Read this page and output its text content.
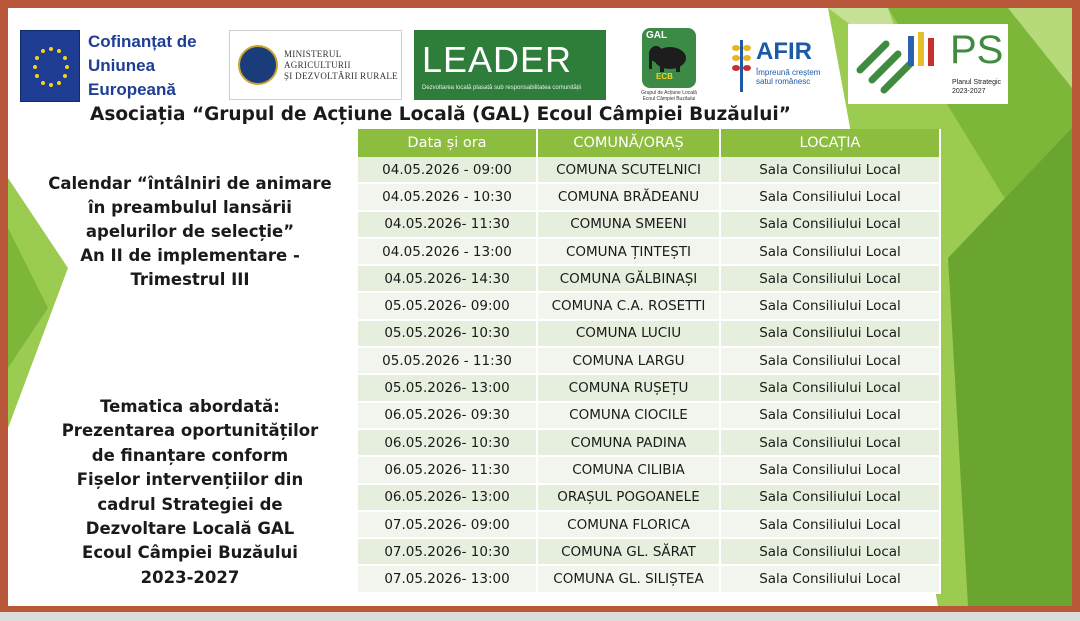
Cofinanțat de
Uniunea Europeană
MINISTERUL AGRICULTURII
ȘI DEZVOLTĂRII RURALE LEADER
Dezvoltarea locală plasată sub responsabilitatea comunității
GAL
ECB
Grupul de Acțiune Locală Ecoul Câmpiei Buzăului
AFIR
Împreună creștem
satul românesc
PS
Planul Strategic
2023-2027
Asociația “Grupul de Acțiune Locală (GAL) Ecoul Câmpiei Buzăului”
Calendar “întâlniri de animare
în preambulul lansării
apelurilor de selecție”
An II de implementare -
Trimestrul III
Tematica abordată:
Prezentarea oportunităților
de finanțare conform
Fișelor intervențiilor din
cadrul Strategiei de
Dezvoltare Locală GAL
Ecoul Câmpiei Buzăului
2023-2027
Data și ora	COMUNĂ/ORAȘ	LOCAȚIA
04.05.2026 - 09:00	COMUNA SCUTELNICI	Sala Consiliului Local
04.05.2026 - 10:30	COMUNA BRĂDEANU	Sala Consiliului Local
04.05.2026- 11:30	COMUNA SMEENI	Sala Consiliului Local
04.05.2026 - 13:00	COMUNA ȚINTEȘTI	Sala Consiliului Local
04.05.2026- 14:30	COMUNA GĂLBINAȘI	Sala Consiliului Local
05.05.2026- 09:00	COMUNA C.A. ROSETTI	Sala Consiliului Local
05.05.2026- 10:30	COMUNA LUCIU	Sala Consiliului Local
05.05.2026 - 11:30	COMUNA LARGU	Sala Consiliului Local
05.05.2026- 13:00	COMUNA RUȘEȚU	Sala Consiliului Local
06.05.2026- 09:30	COMUNA CIOCILE	Sala Consiliului Local
06.05.2026- 10:30	COMUNA PADINA	Sala Consiliului Local
06.05.2026- 11:30	COMUNA CILIBIA	Sala Consiliului Local
06.05.2026- 13:00	ORAȘUL POGOANELE	Sala Consiliului Local
07.05.2026- 09:00	COMUNA FLORICA	Sala Consiliului Local
07.05.2026- 10:30	COMUNA GL. SĂRAT	Sala Consiliului Local
07.05.2026- 13:00	COMUNA GL. SILIȘTEA	Sala Consiliului Local
